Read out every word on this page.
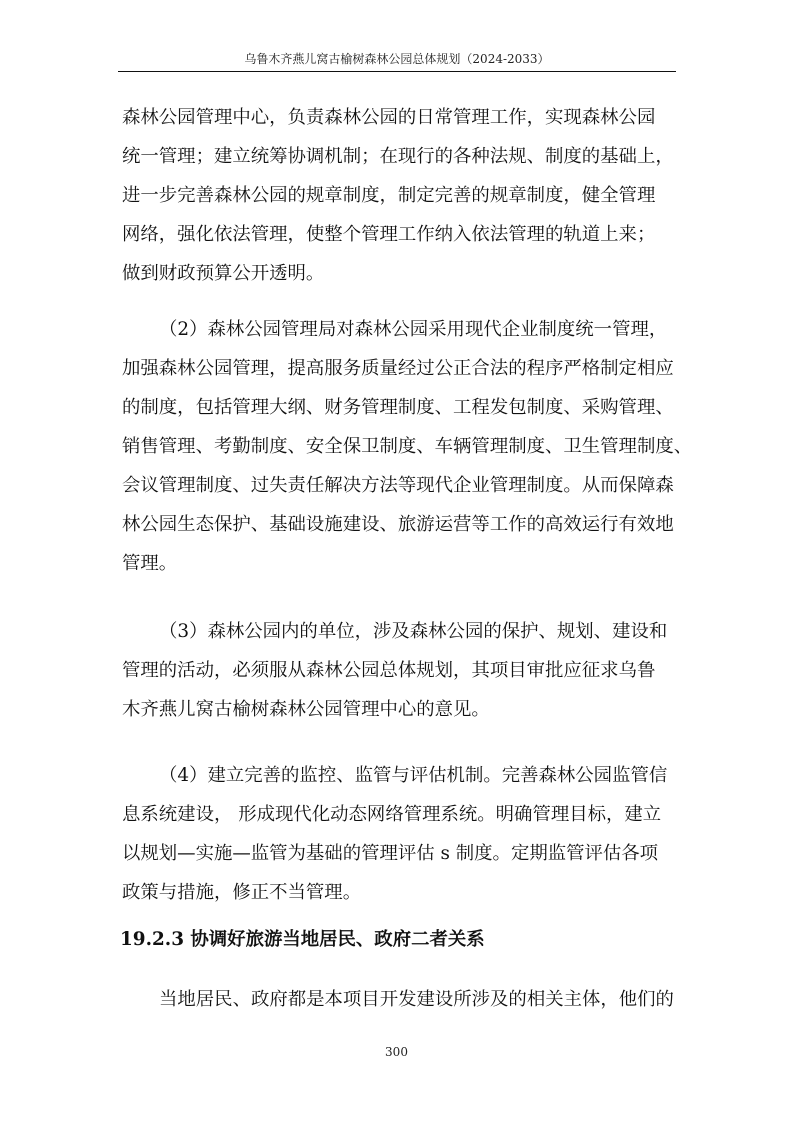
乌鲁木齐燕儿窝古榆树森林公园总体规划（2024-2033）
森林公园管理中心，负责森林公园的日常管理工作，实现森林公园
统一管理；建立统筹协调机制；在现行的各种法规、制度的基础上，
进一步完善森林公园的规章制度，制定完善的规章制度，健全管理
网络，强化依法管理，使整个管理工作纳入依法管理的轨道上来；
做到财政预算公开透明。
（2）森林公园管理局对森林公园采用现代企业制度统一管理，
加强森林公园管理，提高服务质量经过公正合法的程序严格制定相应
的制度，包括管理大纲、财务管理制度、工程发包制度、采购管理、
销售管理、考勤制度、安全保卫制度、车辆管理制度、卫生管理制度、
会议管理制度、过失责任解决方法等现代企业管理制度。从而保障森
林公园生态保护、基础设施建设、旅游运营等工作的高效运行有效地
管理。
（3）森林公园内的单位，涉及森林公园的保护、规划、建设和
管理的活动，必须服从森林公园总体规划，其项目审批应征求乌鲁
木齐燕儿窝古榆树森林公园管理中心的意见。
（4）建立完善的监控、监管与评估机制。完善森林公园监管信
息系统建设， 形成现代化动态网络管理系统。明确管理目标，建立
以规划—实施—监管为基础的管理评估 s 制度。定期监管评估各项
政策与措施，修正不当管理。
19.2.3 协调好旅游当地居民、政府二者关系
当地居民、政府都是本项目开发建设所涉及的相关主体，他们的
300
